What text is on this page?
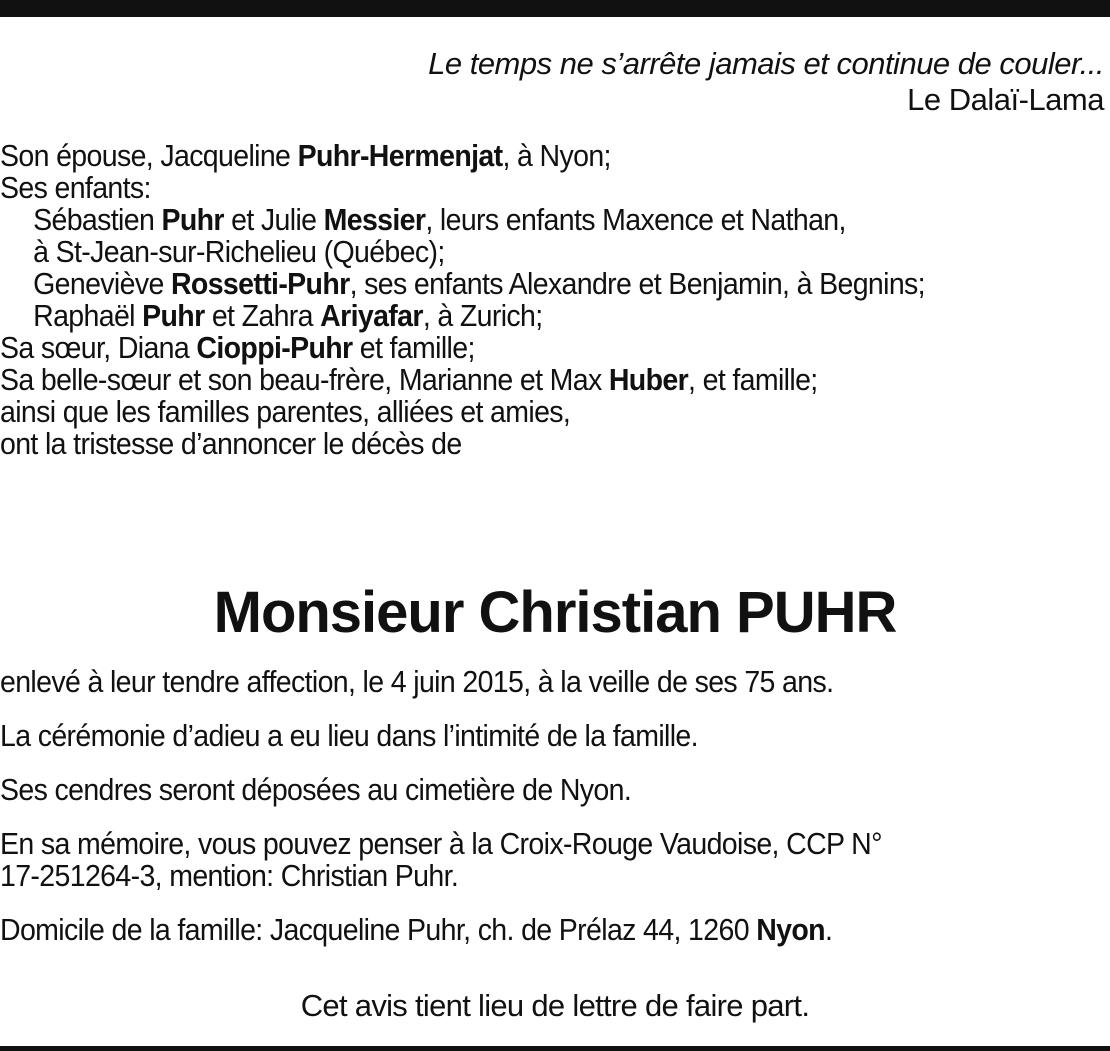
Le temps ne s’arrête jamais et continue de couler...
Le Dalaï-Lama
Son épouse, Jacqueline Puhr-Hermenjat, à Nyon;
Ses enfants:
Sébastien Puhr et Julie Messier, leurs enfants Maxence et Nathan,
à St-Jean-sur-Richelieu (Québec);
Geneviève Rossetti-Puhr, ses enfants Alexandre et Benjamin, à Begnins;
Raphaël Puhr et Zahra Ariyafar, à Zurich;
Sa sœur, Diana Cioppi-Puhr et famille;
Sa belle-sœur et son beau-frère, Marianne et Max Huber, et famille;
ainsi que les familles parentes, alliées et amies,
ont la tristesse d’annoncer le décès de
Monsieur Christian PUHR
enlevé à leur tendre affection, le 4 juin 2015, à la veille de ses 75 ans.
La cérémonie d’adieu a eu lieu dans l’intimité de la famille.
Ses cendres seront déposées au cimetière de Nyon.
En sa mémoire, vous pouvez penser à la Croix-Rouge Vaudoise, CCP N°
17-251264-3, mention: Christian Puhr.
Domicile de la famille: Jacqueline Puhr, ch. de Prélaz 44, 1260 Nyon.
Cet avis tient lieu de lettre de faire part.
